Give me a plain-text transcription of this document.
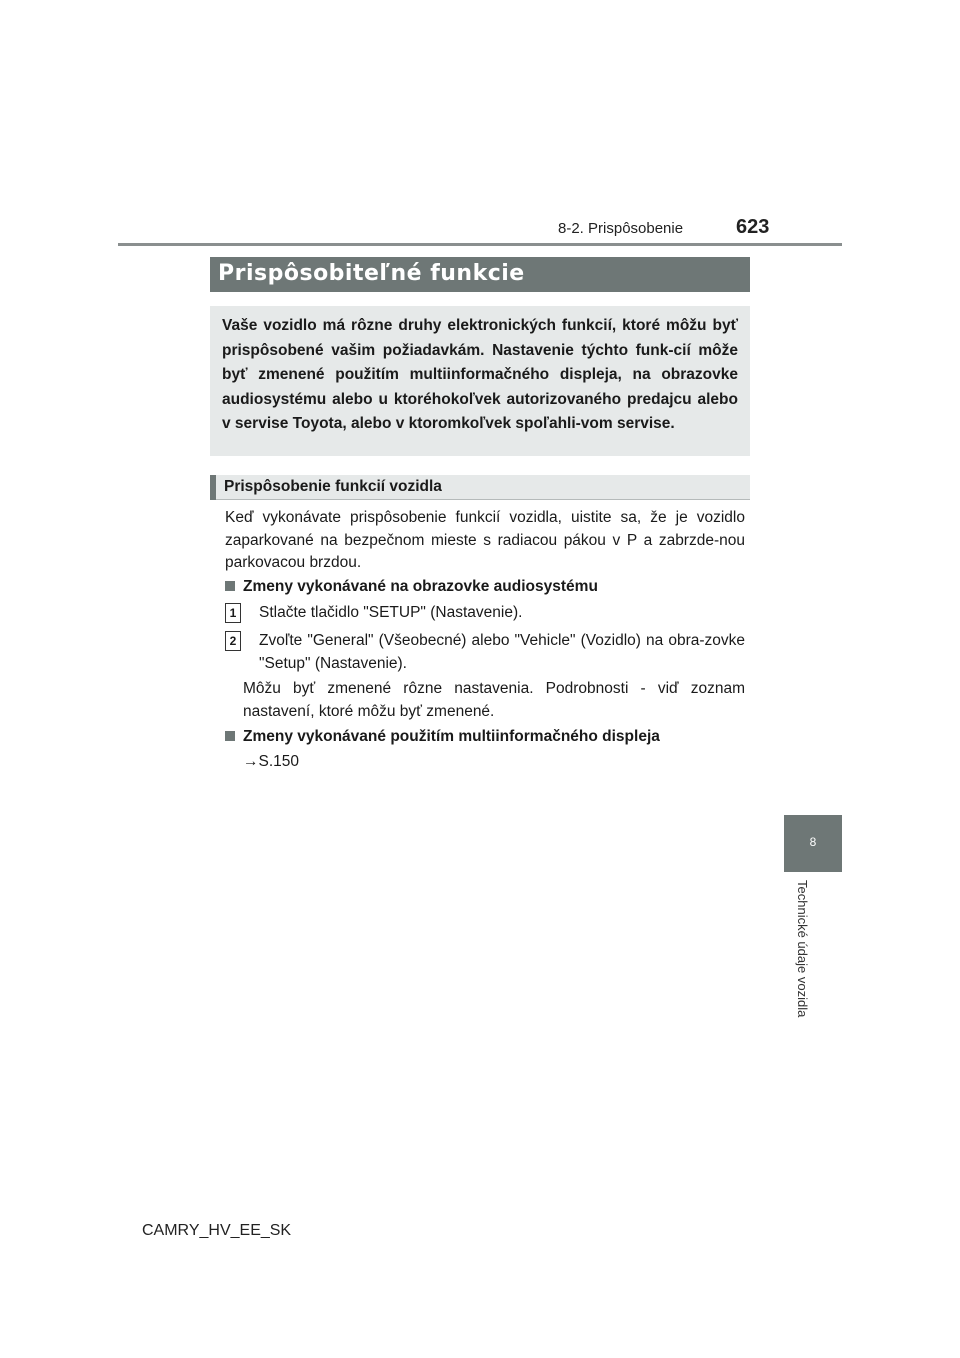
8-2. Prispôsobenie	623
Prispôsobiteľné funkcie
Vaše vozidlo má rôzne druhy elektronických funkcií, ktoré môžu byť prispôsobené vašim požiadavkám. Nastavenie týchto funk-cií môže byť zmenené použitím multiinformačného displeja, na obrazovke audiosystému alebo u ktoréhokoľvek autorizovaného predajcu alebo v servise Toyota, alebo v ktoromkoľvek spoľahli-vom servise.
Prispôsobenie funkcií vozidla
Keď vykonávate prispôsobenie funkcií vozidla, uistite sa, že je vozidlo zaparkované na bezpečnom mieste s radiacou pákou v P a zabrzde-nou parkovacou brzdou.
Zmeny vykonávané na obrazovke audiosystému
1	Stlačte tlačidlo "SETUP" (Nastavenie).
2	Zvoľte "General" (Všeobecné) alebo "Vehicle" (Vozidlo) na obra-zovke "Setup" (Nastavenie).
Môžu byť zmenené rôzne nastavenia. Podrobnosti - viď zoznam nastavení, ktoré môžu byť zmenené.
Zmeny vykonávané použitím multiinformačného displeja
→S.150
8
Technické údaje vozidla
CAMRY_HV_EE_SK
